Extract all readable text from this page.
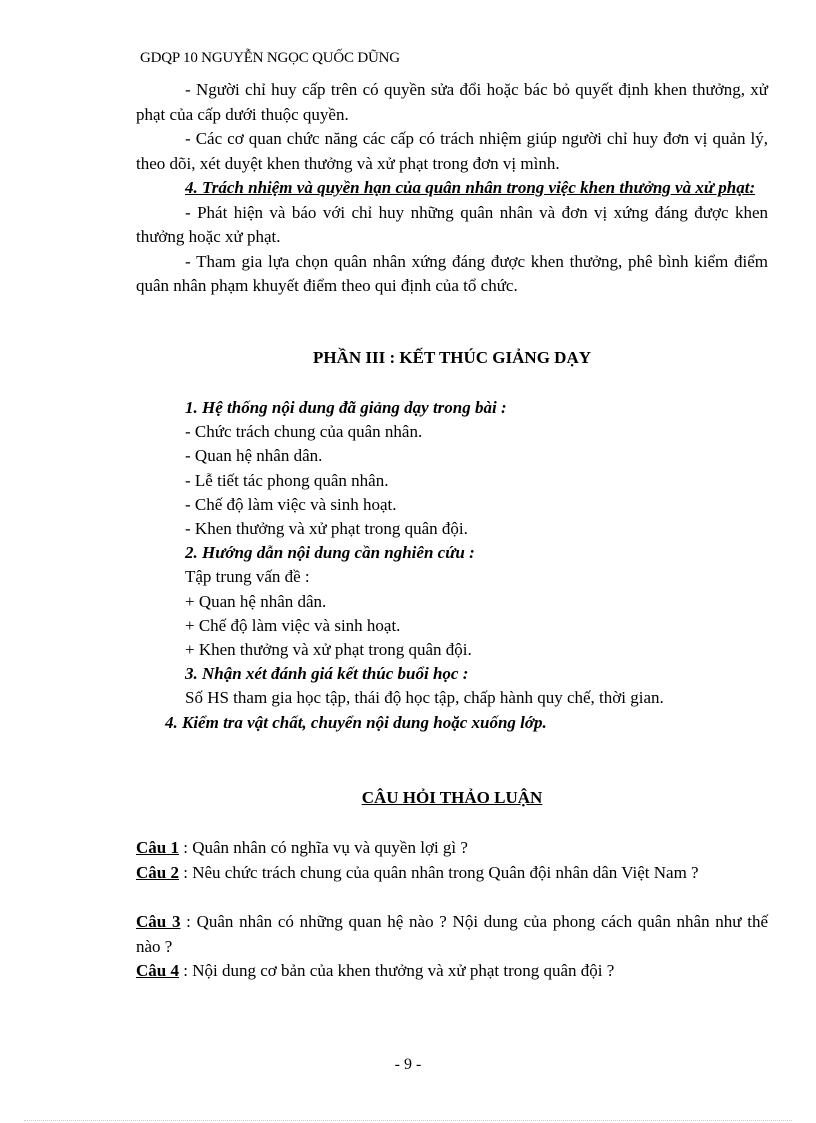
GDQP 10 NGUYỄN NGỌC QUỐC DŨNG
- Người chỉ huy cấp trên có quyền sửa đổi hoặc bác bỏ quyết định khen thưởng, xử phạt của cấp dưới thuộc quyền.
- Các cơ quan chức năng các cấp có trách nhiệm giúp người chỉ huy đơn vị quản lý, theo dõi, xét duyệt khen thưởng và xử phạt trong đơn vị mình.
4. Trách nhiệm và quyền hạn của quân nhân trong việc khen thưởng và xử phạt:
- Phát hiện và báo với chỉ huy những quân nhân và đơn vị xứng đáng được khen thưởng hoặc xử phạt.
- Tham gia lựa chọn quân nhân xứng đáng được khen thưởng, phê bình kiểm điểm quân nhân phạm khuyết điểm theo qui định của tổ chức.
PHẦN III : KẾT THÚC GIẢNG DẠY
1. Hệ thống nội dung đã giảng dạy trong bài :
- Chức trách chung của quân nhân.
- Quan hệ nhân dân.
- Lễ tiết tác phong quân nhân.
- Chế độ làm việc và sinh hoạt.
- Khen thưởng và xử phạt trong quân đội.
2. Hướng dẫn nội dung cần nghiên cứu :
Tập trung vấn đề :
+ Quan hệ nhân dân.
+ Chế độ làm việc và sinh hoạt.
+ Khen thưởng và xử phạt trong quân đội.
3. Nhận xét đánh giá kết thúc buổi học :
Số HS tham gia học tập, thái độ học tập, chấp hành quy chế, thời gian.
4. Kiểm tra vật chất, chuyển nội dung hoặc xuống lớp.
CÂU HỎI THẢO LUẬN
Câu 1 : Quân nhân có nghĩa vụ và quyền lợi gì ?
Câu 2 : Nêu chức trách chung của quân nhân trong Quân đội nhân dân Việt Nam ?
Câu 3 : Quân nhân có những quan hệ nào ? Nội dung của phong cách quân nhân như thế nào ?
Câu 4 : Nội dung cơ bản của khen thưởng và xử phạt trong quân đội ?
- 9 -
